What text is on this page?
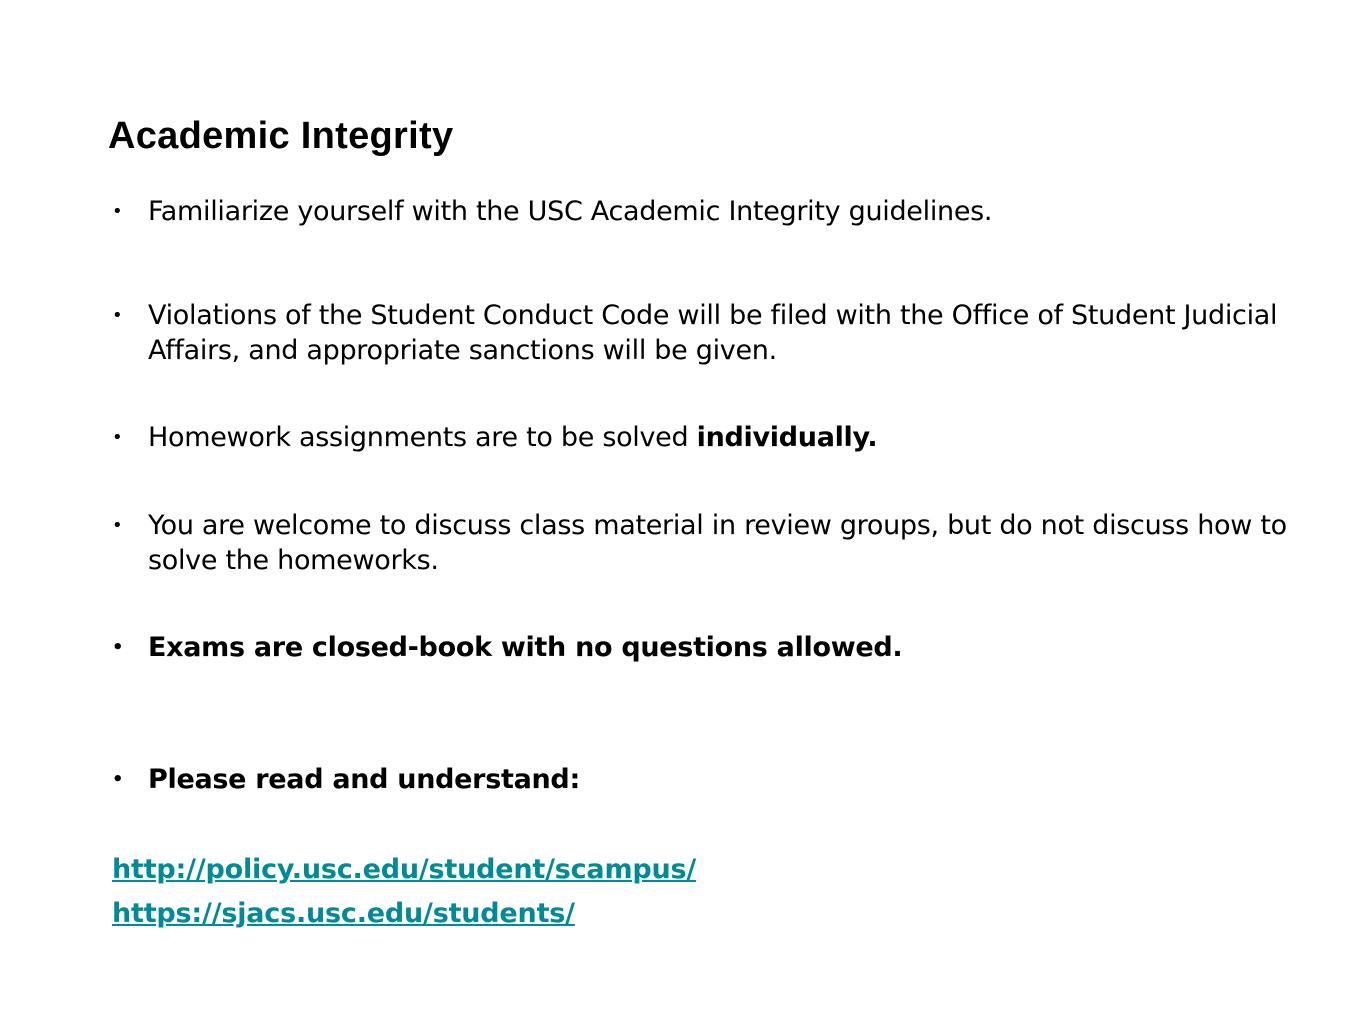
Academic Integrity
• Familiarize yourself with the USC Academic Integrity guidelines.
• Violations of the Student Conduct Code will be filed with the Office of Student Judicial Affairs, and appropriate sanctions will be given.
• Homework assignments are to be solved individually.
• You are welcome to discuss class material in review groups, but do not discuss how to solve the homeworks.
• Exams are closed-book with no questions allowed.
• Please read and understand:
http://policy.usc.edu/student/scampus/
https://sjacs.usc.edu/students/
